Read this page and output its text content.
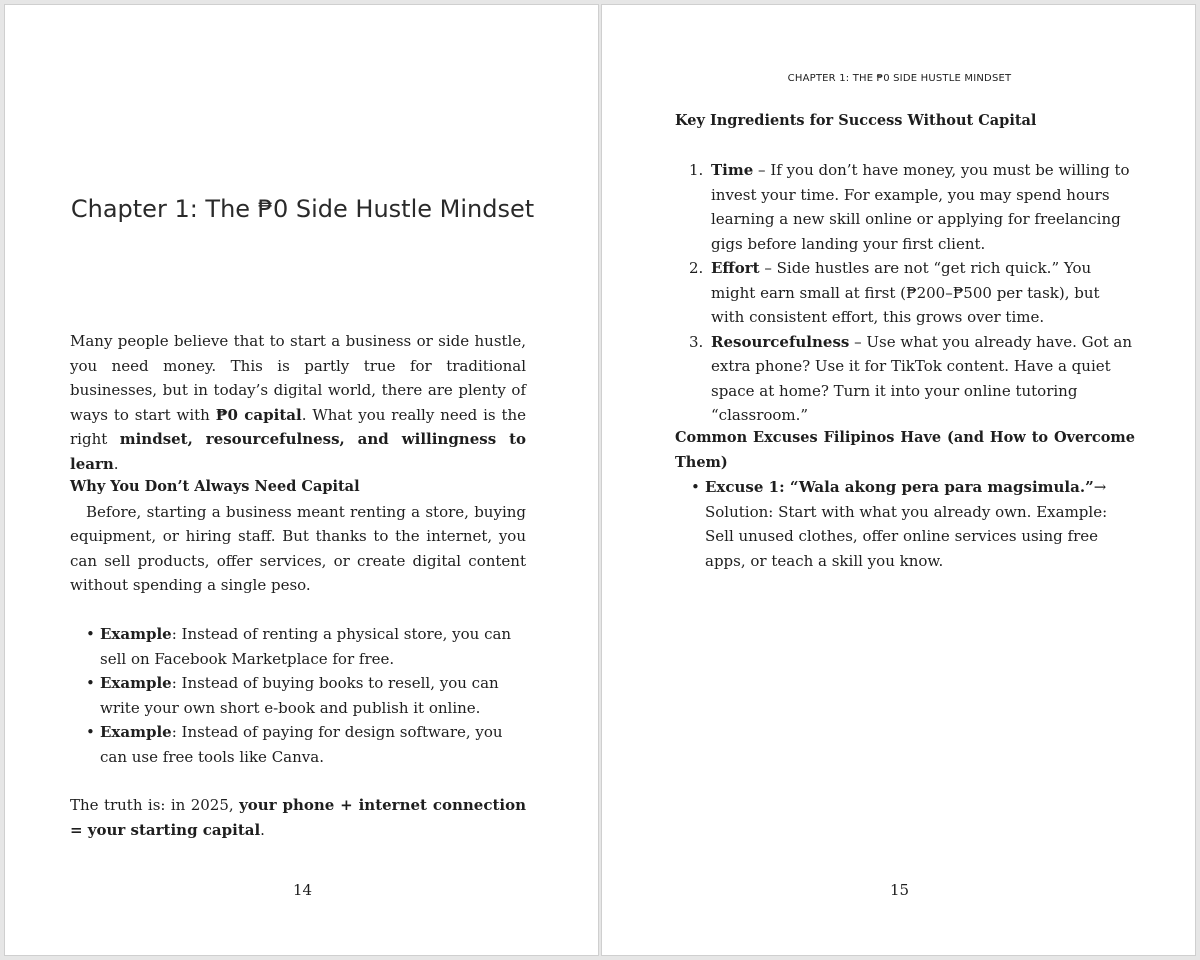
Chapter 1: The ₱0 Side Hustle Mindset

Many people believe that to start a business or side hustle, you need money. This is partly true for traditional businesses, but in today’s digital world, there are plenty of ways to start with ₱0 capital. What you really need is the right mindset, resourcefulness, and willingness to learn.

Why You Don’t Always Need Capital

Before, starting a business meant renting a store, buying equipment, or hiring staff. But thanks to the internet, you can sell products, offer services, or create digital content without spending a single peso.

• Example: Instead of renting a physical store, you can sell on Facebook Marketplace for free.
• Example: Instead of buying books to resell, you can write your own short e-book and publish it online.
• Example: Instead of paying for design software, you can use free tools like Canva.

The truth is: in 2025, your phone + internet connection = your starting capital.

14
CHAPTER 1: THE ₱0 SIDE HUSTLE MINDSET

Key Ingredients for Success Without Capital

1. Time – If you don’t have money, you must be willing to invest your time. For example, you may spend hours learning a new skill online or applying for freelancing gigs before landing your first client.
2. Effort – Side hustles are not “get rich quick.” You might earn small at first (₱200–₱500 per task), but with consistent effort, this grows over time.
3. Resourcefulness – Use what you already have. Got an extra phone? Use it for TikTok content. Have a quiet space at home? Turn it into your online tutoring “classroom.”

Common Excuses Filipinos Have (and How to Overcome Them)

• Excuse 1: “Wala akong pera para magsimula.”→ Solution: Start with what you already own. Example: Sell unused clothes, offer online services using free apps, or teach a skill you know.
15
